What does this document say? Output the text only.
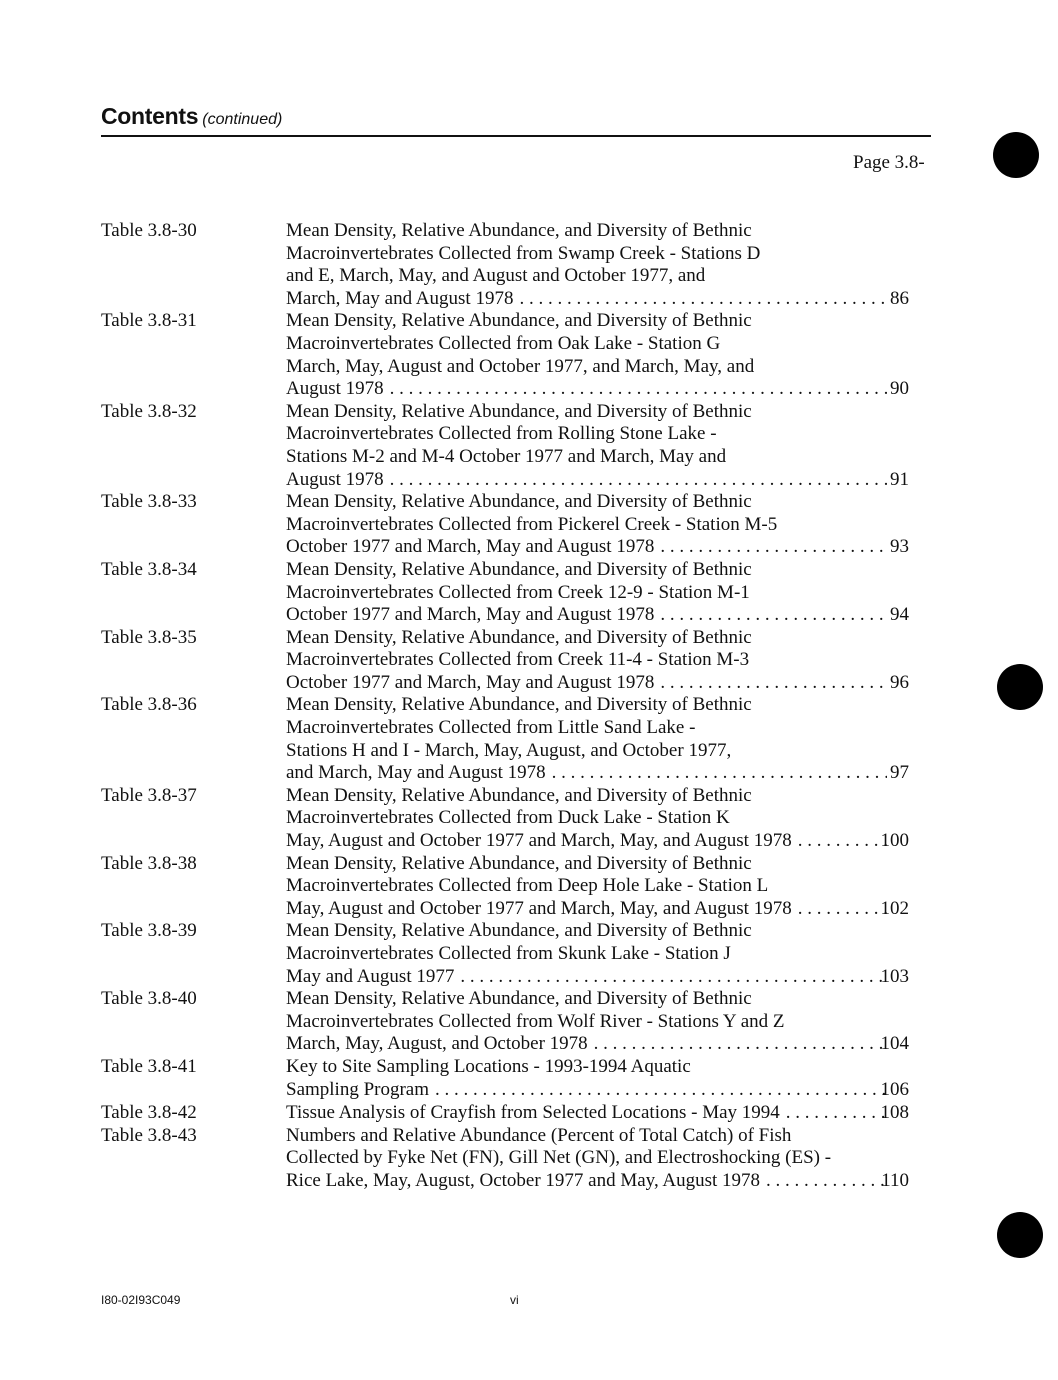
Contents (continued)
Page 3.8-
Table 3.8-30	Mean Density, Relative Abundance, and Diversity of Bethnic
Macroinvertebrates Collected from Swamp Creek - Stations D
and E, March, May, and August and October 1977, and
March, May and August 1978 . . .	86
Table 3.8-31	Mean Density, Relative Abundance, and Diversity of Bethnic
Macroinvertebrates Collected from Oak Lake - Station G
March, May, August and October 1977, and March, May, and
August 1978 . . .	90
Table 3.8-32	Mean Density, Relative Abundance, and Diversity of Bethnic
Macroinvertebrates Collected from Rolling Stone Lake -
Stations M-2 and M-4 October 1977 and March, May and
August 1978 . . .	91
Table 3.8-33	Mean Density, Relative Abundance, and Diversity of Bethnic
Macroinvertebrates Collected from Pickerel Creek - Station M-5
October 1977 and March, May and August 1978 . . .	93
Table 3.8-34	Mean Density, Relative Abundance, and Diversity of Bethnic
Macroinvertebrates Collected from Creek 12-9 - Station M-1
October 1977 and March, May and August 1978 . . .	94
Table 3.8-35	Mean Density, Relative Abundance, and Diversity of Bethnic
Macroinvertebrates Collected from Creek 11-4 - Station M-3
October 1977 and March, May and August 1978 . . .	96
Table 3.8-36	Mean Density, Relative Abundance, and Diversity of Bethnic
Macroinvertebrates Collected from Little Sand Lake -
Stations H and I - March, May, August, and October 1977,
and March, May and August 1978 . . .	97
Table 3.8-37	Mean Density, Relative Abundance, and Diversity of Bethnic
Macroinvertebrates Collected from Duck Lake - Station K
May, August and October 1977 and March, May, and August 1978 . . .	100
Table 3.8-38	Mean Density, Relative Abundance, and Diversity of Bethnic
Macroinvertebrates Collected from Deep Hole Lake - Station L
May, August and October 1977 and March, May, and August 1978 . . .	102
Table 3.8-39	Mean Density, Relative Abundance, and Diversity of Bethnic
Macroinvertebrates Collected from Skunk Lake - Station J
May and August 1977 . . .	103
Table 3.8-40	Mean Density, Relative Abundance, and Diversity of Bethnic
Macroinvertebrates Collected from Wolf River - Stations Y and Z
March, May, August, and October 1978 . . .	104
Table 3.8-41	Key to Site Sampling Locations - 1993-1994 Aquatic
Sampling Program . . .	106
Table 3.8-42	Tissue Analysis of Crayfish from Selected Locations - May 1994 . . .	108
Table 3.8-43	Numbers and Relative Abundance (Percent of Total Catch) of Fish
Collected by Fyke Net (FN), Gill Net (GN), and Electroshocking (ES) -
Rice Lake, May, August, October 1977 and May, August 1978 . . .	110
I80-02I93C049	vi
